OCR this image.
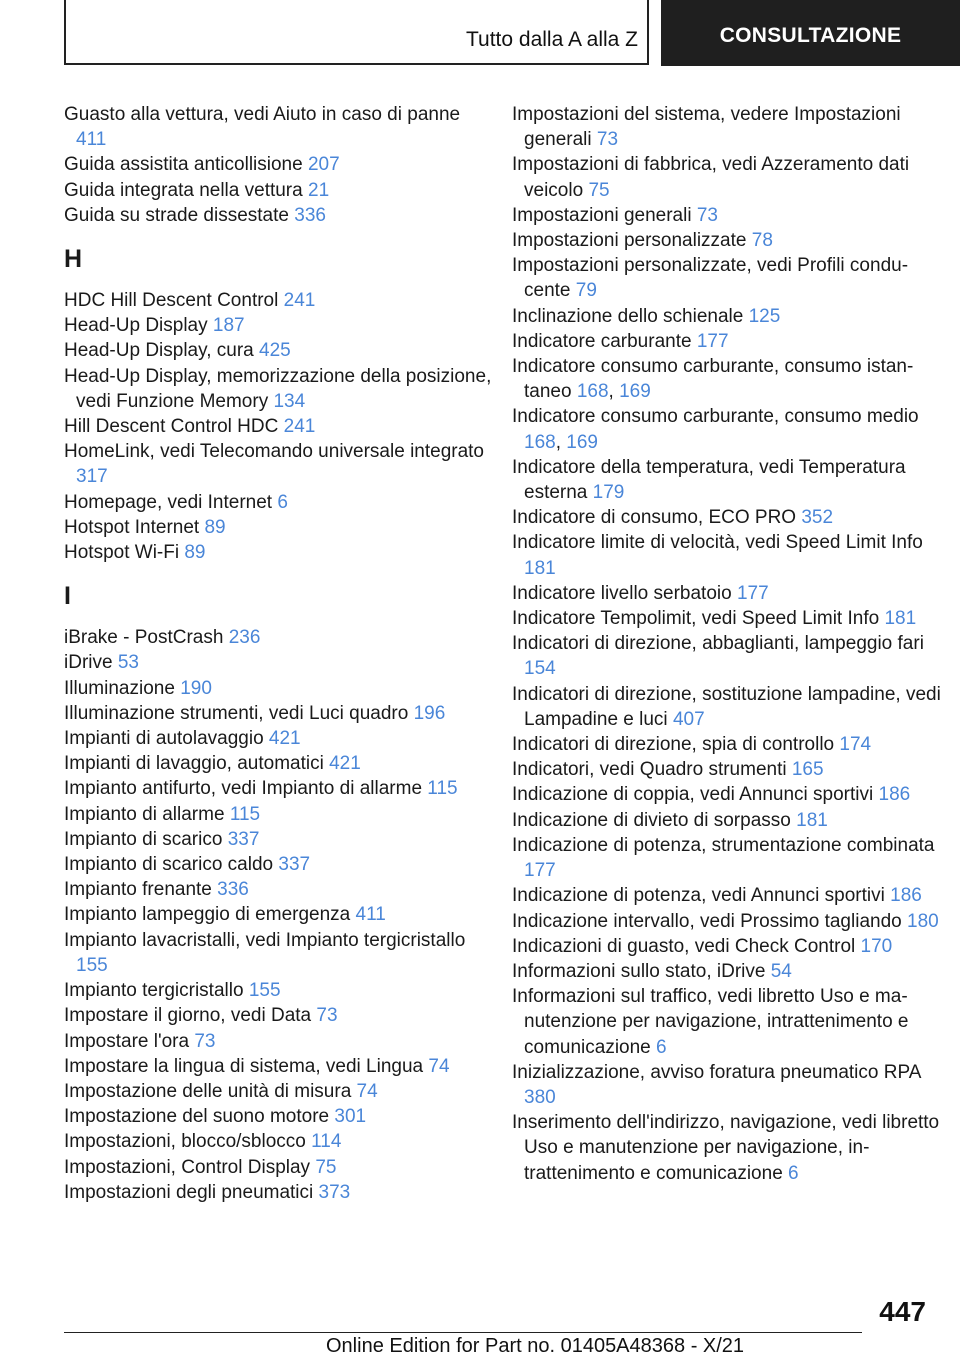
Tutto dalla A alla Z	CONSULTAZIONE
Guasto alla vettura, vedi Aiuto in caso di panne 411
Guida assistita anticollisione 207
Guida integrata nella vettura 21
Guida su strade dissestate 336
H
HDC Hill Descent Control 241
Head-Up Display 187
Head-Up Display, cura 425
Head-Up Display, memorizzazione della posizione, vedi Funzione Memory 134
Hill Descent Control HDC 241
HomeLink, vedi Telecomando universale integrato 317
Homepage, vedi Internet 6
Hotspot Internet 89
Hotspot Wi-Fi 89
I
iBrake - PostCrash 236
iDrive 53
Illuminazione 190
Illuminazione strumenti, vedi Luci quadro 196
Impianti di autolavaggio 421
Impianti di lavaggio, automatici 421
Impianto antifurto, vedi Impianto di allarme 115
Impianto di allarme 115
Impianto di scarico 337
Impianto di scarico caldo 337
Impianto frenante 336
Impianto lampeggio di emergenza 411
Impianto lavacristalli, vedi Impianto tergicristallo 155
Impianto tergicristallo 155
Impostare il giorno, vedi Data 73
Impostare l'ora 73
Impostare la lingua di sistema, vedi Lingua 74
Impostazione delle unità di misura 74
Impostazione del suono motore 301
Impostazioni, blocco/sblocco 114
Impostazioni, Control Display 75
Impostazioni degli pneumatici 373
Impostazioni del sistema, vedere Impostazioni generali 73
Impostazioni di fabbrica, vedi Azzeramento dati veicolo 75
Impostazioni generali 73
Impostazioni personalizzate 78
Impostazioni personalizzate, vedi Profili conducente 79
Inclinazione dello schienale 125
Indicatore carburante 177
Indicatore consumo carburante, consumo istantaneo 168, 169
Indicatore consumo carburante, consumo medio 168, 169
Indicatore della temperatura, vedi Temperatura esterna 179
Indicatore di consumo, ECO PRO 352
Indicatore limite di velocità, vedi Speed Limit Info 181
Indicatore livello serbatoio 177
Indicatore Tempolimit, vedi Speed Limit Info 181
Indicatori di direzione, abbaglianti, lampeggio fari 154
Indicatori di direzione, sostituzione lampadine, vedi Lampadine e luci 407
Indicatori di direzione, spia di controllo 174
Indicatori, vedi Quadro strumenti 165
Indicazione di coppia, vedi Annunci sportivi 186
Indicazione di divieto di sorpasso 181
Indicazione di potenza, strumentazione combinata 177
Indicazione di potenza, vedi Annunci sportivi 186
Indicazione intervallo, vedi Prossimo tagliando 180
Indicazioni di guasto, vedi Check Control 170
Informazioni sullo stato, iDrive 54
Informazioni sul traffico, vedi libretto Uso e manutenzione per navigazione, intrattenimento e comunicazione 6
Inizializzazione, avviso foratura pneumatico RPA 380
Inserimento dell'indirizzo, navigazione, vedi libretto Uso e manutenzione per navigazione, intrattenimento e comunicazione 6
447
Online Edition for Part no. 01405A48368 - X/21
